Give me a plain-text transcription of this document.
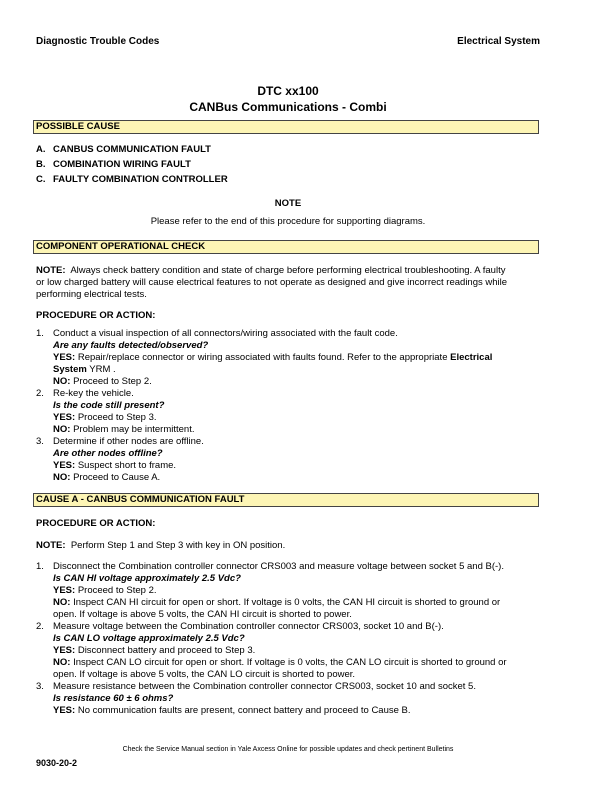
Diagnostic Trouble Codes	Electrical System
DTC xx100
CANBus Communications - Combi
POSSIBLE CAUSE
A. CANBUS COMMUNICATION FAULT
B. COMBINATION WIRING FAULT
C. FAULTY COMBINATION CONTROLLER
NOTE
Please refer to the end of this procedure for supporting diagrams.
COMPONENT OPERATIONAL CHECK
NOTE: Always check battery condition and state of charge before performing electrical troubleshooting. A faulty
or low charged battery will cause electrical features to not operate as designed and give incorrect readings while
performing electrical tests.
PROCEDURE OR ACTION:
1. Conduct a visual inspection of all connectors/wiring associated with the fault code.
Are any faults detected/observed?
YES: Repair/replace connector or wiring associated with faults found. Refer to the appropriate Electrical
System YRM .
NO: Proceed to Step 2.
2. Re-key the vehicle.
Is the code still present?
YES: Proceed to Step 3.
NO: Problem may be intermittent.
3. Determine if other nodes are offline.
Are other nodes offline?
YES: Suspect short to frame.
NO: Proceed to Cause A.
CAUSE A - CANBUS COMMUNICATION FAULT
PROCEDURE OR ACTION:
NOTE: Perform Step 1 and Step 3 with key in ON position.
1. Disconnect the Combination controller connector CRS003 and measure voltage between socket 5 and B(-).
Is CAN HI voltage approximately 2.5 Vdc?
YES: Proceed to Step 2.
NO: Inspect CAN HI circuit for open or short. If voltage is 0 volts, the CAN HI circuit is shorted to ground or
open. If voltage is above 5 volts, the CAN HI circuit is shorted to power.
2. Measure voltage between the Combination controller connector CRS003, socket 10 and B(-).
Is CAN LO voltage approximately 2.5 Vdc?
YES: Disconnect battery and proceed to Step 3.
NO: Inspect CAN LO circuit for open or short. If voltage is 0 volts, the CAN LO circuit is shorted to ground or
open. If voltage is above 5 volts, the CAN LO circuit is shorted to power.
3. Measure resistance between the Combination controller connector CRS003, socket 10 and socket 5.
Is resistance 60 ± 6 ohms?
YES: No communication faults are present, connect battery and proceed to Cause B.
Check the Service Manual section in Yale Axcess Online for possible updates and check pertinent Bulletins
9030-20-2
